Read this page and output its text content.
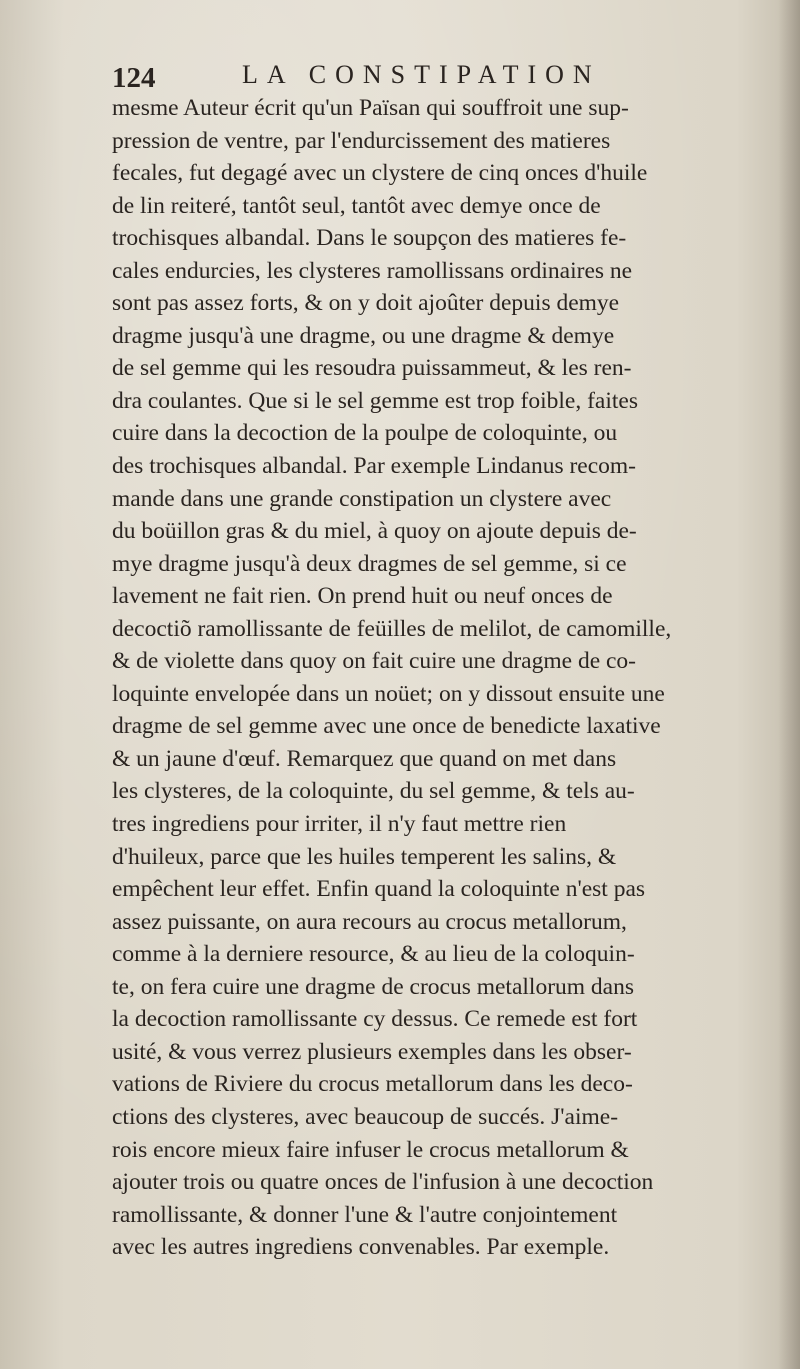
124	LA CONSTIPATION
mesme Auteur écrit qu'un Païsan qui souffroit une sup-
pression de ventre, par l'endurcissement des matieres
fecales, fut degagé avec un clystere de cinq onces d'huile
de lin reiteré, tantôt seul, tantôt avec demye once de
trochisques albandal. Dans le soupçon des matieres fe-
cales endurcies, les clysteres ramollissans ordinaires ne
sont pas assez forts, & on y doit ajoûter depuis demye
dragme jusqu'à une dragme, ou une dragme & demye
de sel gemme qui les resoudra puissammeut, & les ren-
dra coulantes. Que si le sel gemme est trop foible, faites
cuire dans la decoction de la poulpe de coloquinte, ou
des trochisques albandal. Par exemple Lindanus recom-
mande dans une grande constipation un clystere avec
du boüillon gras & du miel, à quoy on ajoute depuis de-
mye dragme jusqu'à deux dragmes de sel gemme, si ce
lavement ne fait rien. On prend huit ou neuf onces de
decoctiõ ramollissante de feüilles de melilot, de camomille,
& de violette dans quoy on fait cuire une dragme de co-
loquinte envelopée dans un noüet; on y dissout ensuite une
dragme de sel gemme avec une once de benedicte laxative
& un jaune d'œuf. Remarquez que quand on met dans
les clysteres, de la coloquinte, du sel gemme, & tels au-
tres ingrediens pour irriter, il n'y faut mettre rien
d'huileux, parce que les huiles temperent les salins, &
empêchent leur effet. Enfin quand la coloquinte n'est pas
assez puissante, on aura recours au crocus metallorum,
comme à la derniere resource, & au lieu de la coloquin-
te, on fera cuire une dragme de crocus metallorum dans
la decoction ramollissante cy dessus. Ce remede est fort
usité, & vous verrez plusieurs exemples dans les obser-
vations de Riviere du crocus metallorum dans les deco-
ctions des clysteres, avec beaucoup de succés. J'aime-
rois encore mieux faire infuser le crocus metallorum &
ajouter trois ou quatre onces de l'infusion à une decoction
ramollissante, & donner l'une & l'autre conjointement
avec les autres ingrediens convenables. Par exemple.
